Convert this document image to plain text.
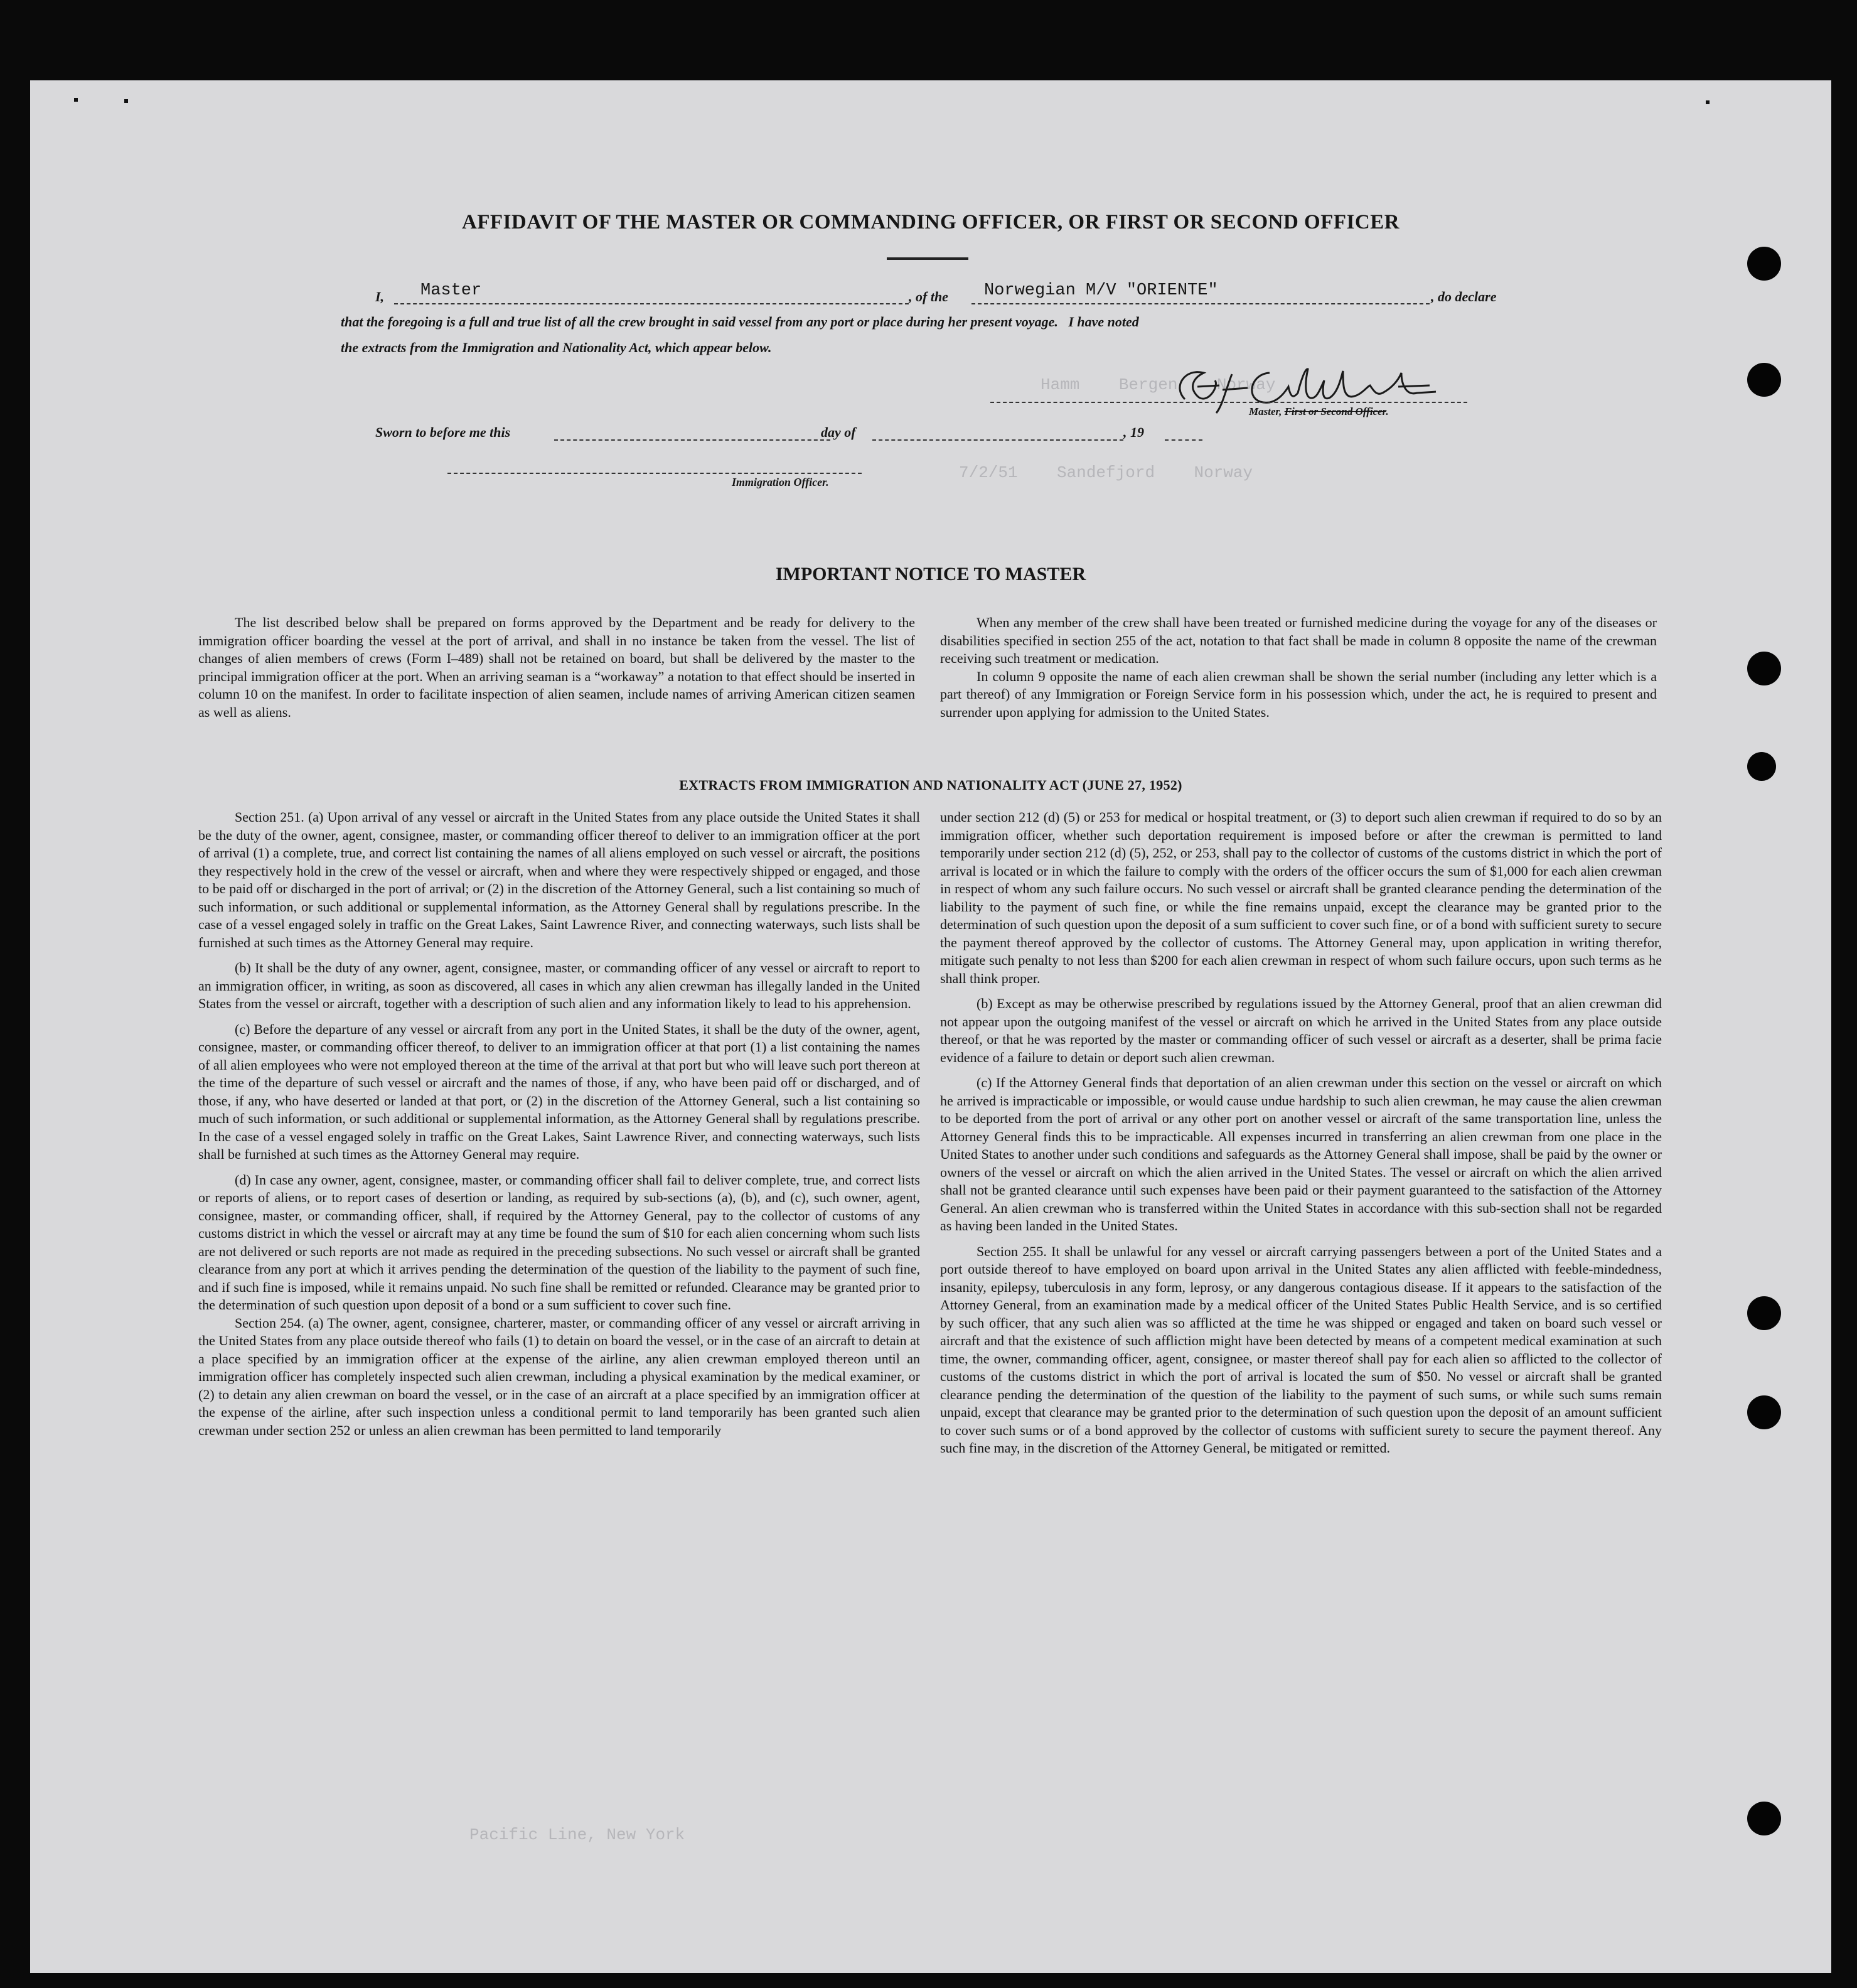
Hamm    Bergen    Norway
7/2/51    Sandefjord    Norway
Pacific Line, New York
AFFIDAVIT OF THE MASTER OR COMMANDING OFFICER, OR FIRST OR SECOND OFFICER
I, Master	, of the Norwegian M/V "ORIENTE"	, do declare
that the foregoing is a full and true list of all the crew brought in said vessel from any port or place during her present voyage.   I have noted
the extracts from the Immigration and Nationality Act, which appear below.
Master, First or Second Officer.
Sworn to before me this	day of	, 19
Immigration Officer.
IMPORTANT NOTICE TO MASTER

The list described below shall be prepared on forms approved by the Department and be ready for delivery to the immigration officer boarding the vessel at the port of arrival, and shall in no instance be taken from the vessel. The list of changes of alien members of crews (Form I–489) shall not be retained on board, but shall be delivered by the master to the principal immigration officer at the port. When an arriving seaman is a “workaway” a notation to that effect should be inserted in column 10 on the manifest. In order to facilitate inspection of alien seamen, include names of arriving American citizen seamen as well as aliens.

When any member of the crew shall have been treated or furnished medicine during the voyage for any of the diseases or disabilities specified in section 255 of the act, notation to that fact shall be made in column 8 opposite the name of the crewman receiving such treatment or medication.

In column 9 opposite the name of each alien crewman shall be shown the serial number (including any letter which is a part thereof) of any Immigration or Foreign Service form in his possession which, under the act, he is required to present and surrender upon applying for admission to the United States.

EXTRACTS FROM IMMIGRATION AND NATIONALITY ACT (JUNE 27, 1952)

Section 251. (a) Upon arrival of any vessel or aircraft in the United States from any place outside the United States it shall be the duty of the owner, agent, consignee, master, or commanding officer thereof to deliver to an immigration officer at the port of arrival (1) a complete, true, and correct list containing the names of all aliens employed on such vessel or aircraft, the positions they respectively hold in the crew of the vessel or aircraft, when and where they were respectively shipped or engaged, and those to be paid off or discharged in the port of arrival; or (2) in the discretion of the Attorney General, such a list containing so much of such information, or such additional or supplemental information, as the Attorney General shall by regulations prescribe. In the case of a vessel engaged solely in traffic on the Great Lakes, Saint Lawrence River, and connecting waterways, such lists shall be furnished at such times as the Attorney General may require.

(b) It shall be the duty of any owner, agent, consignee, master, or commanding officer of any vessel or aircraft to report to an immigration officer, in writing, as soon as discovered, all cases in which any alien crewman has illegally landed in the United States from the vessel or aircraft, together with a description of such alien and any information likely to lead to his apprehension.

(c) Before the departure of any vessel or aircraft from any port in the United States, it shall be the duty of the owner, agent, consignee, master, or commanding officer thereof, to deliver to an immigration officer at that port (1) a list containing the names of all alien employees who were not employed thereon at the time of the arrival at that port but who will leave such port thereon at the time of the departure of such vessel or aircraft and the names of those, if any, who have been paid off or discharged, and of those, if any, who have deserted or landed at that port, or (2) in the discretion of the Attorney General, such a list containing so much of such information, or such additional or supplemental information, as the Attorney General shall by regulations prescribe. In the case of a vessel engaged solely in traffic on the Great Lakes, Saint Lawrence River, and connecting waterways, such lists shall be furnished at such times as the Attorney General may require.

(d) In case any owner, agent, consignee, master, or commanding officer shall fail to deliver complete, true, and correct lists or reports of aliens, or to report cases of desertion or landing, as required by sub-sections (a), (b), and (c), such owner, agent, consignee, master, or commanding officer, shall, if required by the Attorney General, pay to the collector of customs of any customs district in which the vessel or aircraft may at any time be found the sum of $10 for each alien concerning whom such lists are not delivered or such reports are not made as required in the preceding subsections. No such vessel or aircraft shall be granted clearance from any port at which it arrives pending the determination of the question of the liability to the payment of such fine, and if such fine is imposed, while it remains unpaid. No such fine shall be remitted or refunded. Clearance may be granted prior to the determination of such question upon deposit of a bond or a sum sufficient to cover such fine.

Section 254. (a) The owner, agent, consignee, charterer, master, or commanding officer of any vessel or aircraft arriving in the United States from any place outside thereof who fails (1) to detain on board the vessel, or in the case of an aircraft to detain at a place specified by an immigration officer at the expense of the airline, any alien crewman employed thereon until an immigration officer has completely inspected such alien crewman, including a physical examination by the medical examiner, or (2) to detain any alien crewman on board the vessel, or in the case of an aircraft at a place specified by an immigration officer at the expense of the airline, after such inspection unless a conditional permit to land temporarily has been granted such alien crewman under section 252 or unless an alien crewman has been permitted to land temporarily

under section 212 (d) (5) or 253 for medical or hospital treatment, or (3) to deport such alien crewman if required to do so by an immigration officer, whether such deportation requirement is imposed before or after the crewman is permitted to land temporarily under section 212 (d) (5), 252, or 253, shall pay to the collector of customs of the customs district in which the port of arrival is located or in which the failure to comply with the orders of the officer occurs the sum of $1,000 for each alien crewman in respect of whom any such failure occurs. No such vessel or aircraft shall be granted clearance pending the determination of the liability to the payment of such fine, or while the fine remains unpaid, except the clearance may be granted prior to the determination of such question upon the deposit of a sum sufficient to cover such fine, or of a bond with sufficient surety to secure the payment thereof approved by the collector of customs. The Attorney General may, upon application in writing therefor, mitigate such penalty to not less than $200 for each alien crewman in respect of whom such failure occurs, upon such terms as he shall think proper.

(b) Except as may be otherwise prescribed by regulations issued by the Attorney General, proof that an alien crewman did not appear upon the outgoing manifest of the vessel or aircraft on which he arrived in the United States from any place outside thereof, or that he was reported by the master or commanding officer of such vessel or aircraft as a deserter, shall be prima facie evidence of a failure to detain or deport such alien crewman.

(c) If the Attorney General finds that deportation of an alien crewman under this section on the vessel or aircraft on which he arrived is impracticable or impossible, or would cause undue hardship to such alien crewman, he may cause the alien crewman to be deported from the port of arrival or any other port on another vessel or aircraft of the same transportation line, unless the Attorney General finds this to be impracticable. All expenses incurred in transferring an alien crewman from one place in the United States to another under such conditions and safeguards as the Attorney General shall impose, shall be paid by the owner or owners of the vessel or aircraft on which the alien arrived in the United States. The vessel or aircraft on which the alien arrived shall not be granted clearance until such expenses have been paid or their payment guaranteed to the satisfaction of the Attorney General. An alien crewman who is transferred within the United States in accordance with this sub-section shall not be regarded as having been landed in the United States.

Section 255. It shall be unlawful for any vessel or aircraft carrying passengers between a port of the United States and a port outside thereof to have employed on board upon arrival in the United States any alien afflicted with feeble-mindedness, insanity, epilepsy, tuberculosis in any form, leprosy, or any dangerous contagious disease. If it appears to the satisfaction of the Attorney General, from an examination made by a medical officer of the United States Public Health Service, and is so certified by such officer, that any such alien was so afflicted at the time he was shipped or engaged and taken on board such vessel or aircraft and that the existence of such affliction might have been detected by means of a competent medical examination at such time, the owner, commanding officer, agent, consignee, or master thereof shall pay for each alien so afflicted to the collector of customs of the customs district in which the port of arrival is located the sum of $50. No vessel or aircraft shall be granted clearance pending the determination of the question of the liability to the payment of such sums, or while such sums remain unpaid, except that clearance may be granted prior to the determination of such question upon the deposit of an amount sufficient to cover such sums or of a bond approved by the collector of customs with sufficient surety to secure the payment thereof. Any such fine may, in the discretion of the Attorney General, be mitigated or remitted.
